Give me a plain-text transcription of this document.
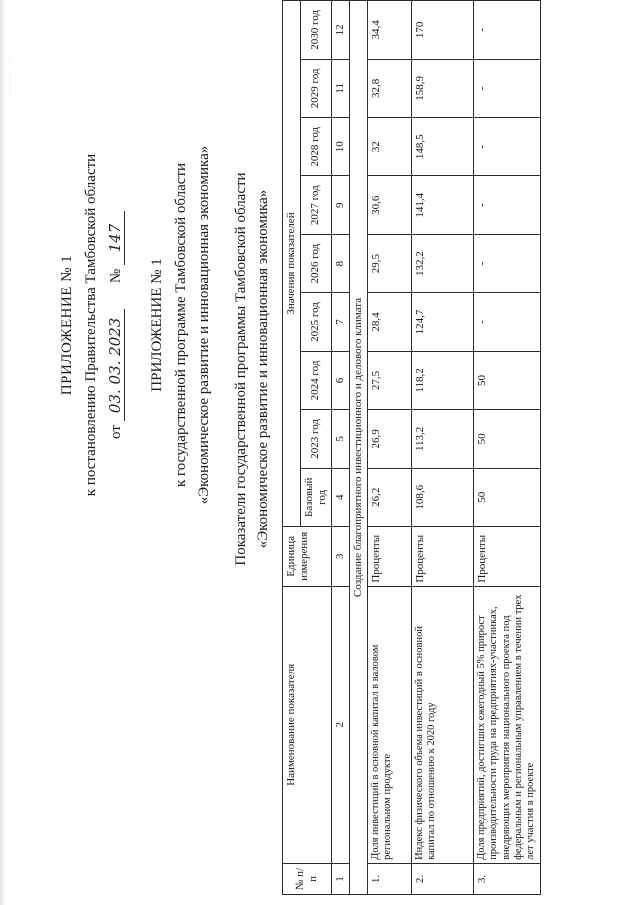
·········· ·· ··
ПРИЛОЖЕНИЕ № 1 к постановлению Правительства Тамбовской области от 03. 03. 2023       № 147
ПРИЛОЖЕНИЕ № 1 к государственной программе Тамбовской области «Экономическое развитие и инновационная экономика» Показатели государственной программы Тамбовской области «Экономическое развитие и инновационная экономика»
№ п/п	Наименование показателя	Единица измерения	Значения показателей								
			Базовый год	2023 год	2024 год	2025 год	2026 год	2027 год	2028 год	2029 год	2030 год
1	2	3	4	5	6	7	8	9	10	11	12
Создание благоприятного инвестиционного и делового климата											
1.	Доля инвестиций в основной капитал в валовом региональном продукте	Проценты	26,2	26,9	27,5	28,4	29,5	30,6	32	32,8	34,4
2.	Индекс физического объема инвестиций в основной капитал по отношению к 2020 году	Проценты	108,6	113,2	118,2	124,7	132,2	141,4	148,5	158,9	170
3.	Доля предприятий, достигших ежегодный 5% прирост производительности труда на предприятиях-участниках, внедряющих мероприятия национального проекта под федеральным и региональным управлением в течении трех лет участия в проекте	Проценты	50	50	50	-	-	-	-	-	-
